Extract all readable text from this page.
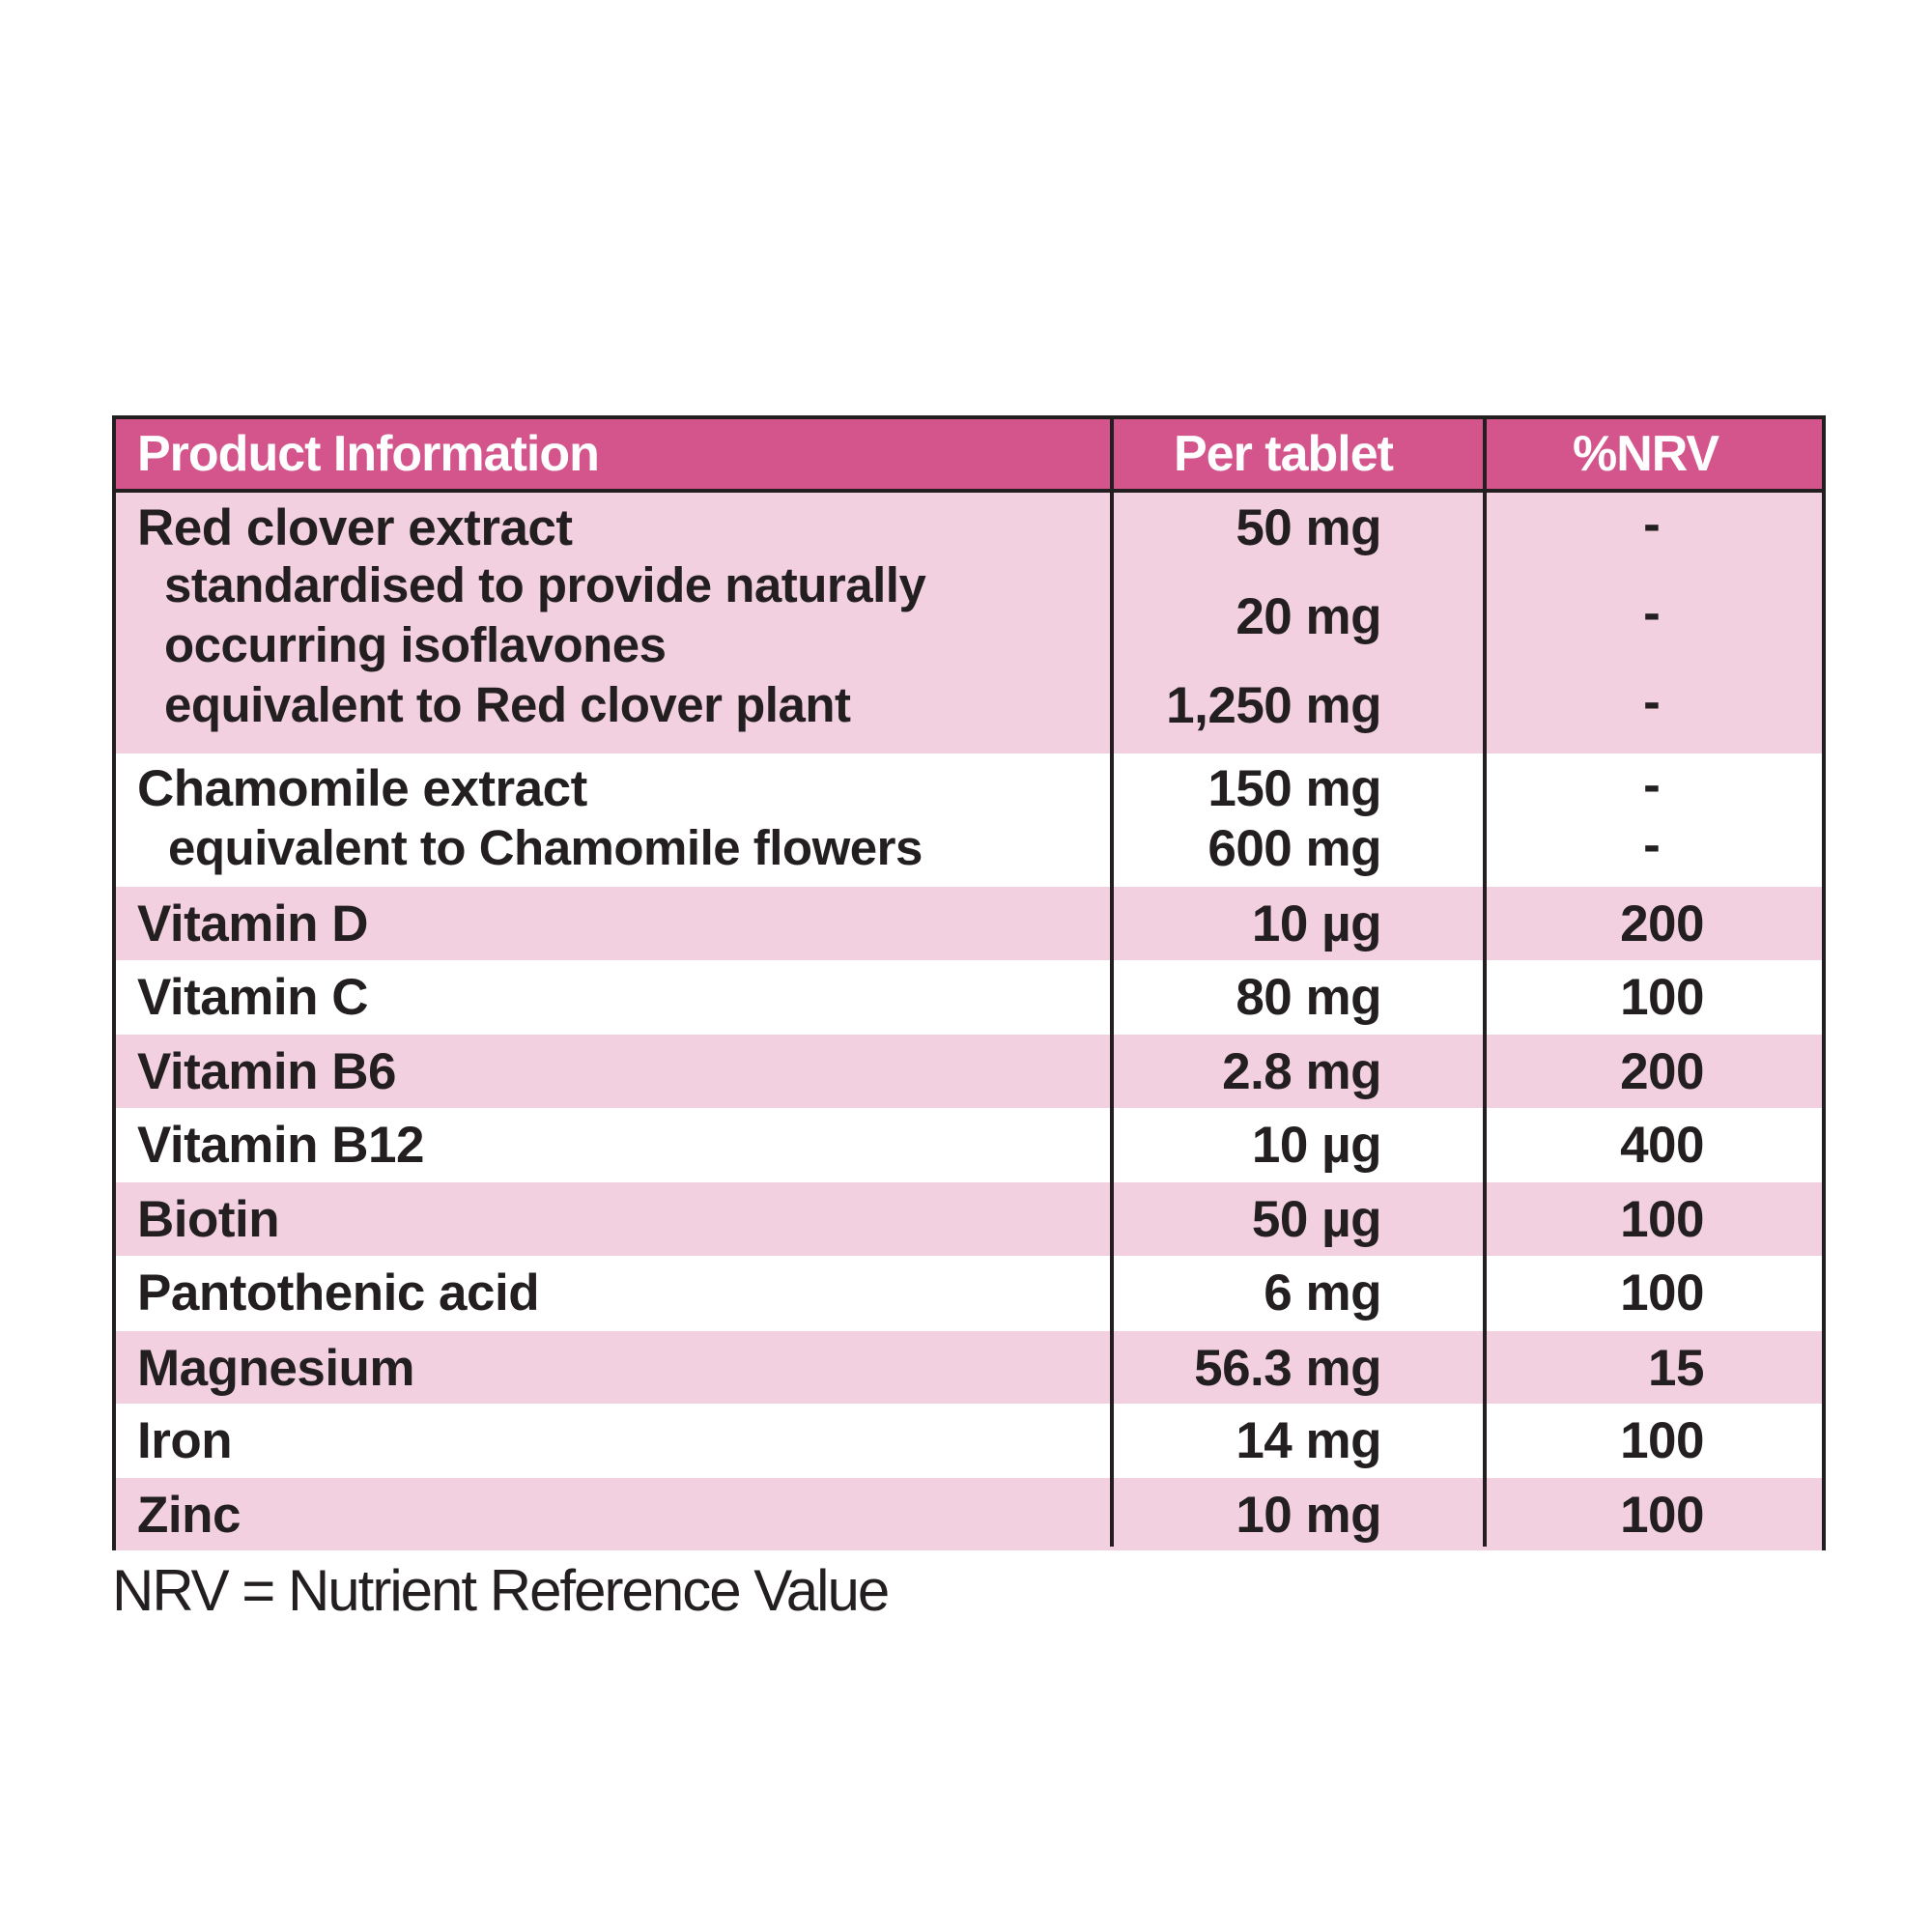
Product Information	Per tablet	%NRV
Red clover extract	50 mg	-
standardised to provide naturally
occurring isoflavones	20 mg	-
equivalent to Red clover plant	1,250 mg	-
Chamomile extract	150 mg	-
equivalent to Chamomile flowers	600 mg	-
Vitamin D	10 µg	200
Vitamin C	80 mg	100
Vitamin B6	2.8 mg	200
Vitamin B12	10 µg	400
Biotin	50 µg	100
Pantothenic acid	6 mg	100
Magnesium	56.3 mg	15
Iron	14 mg	100
Zinc	10 mg	100
NRV = Nutrient Reference Value
